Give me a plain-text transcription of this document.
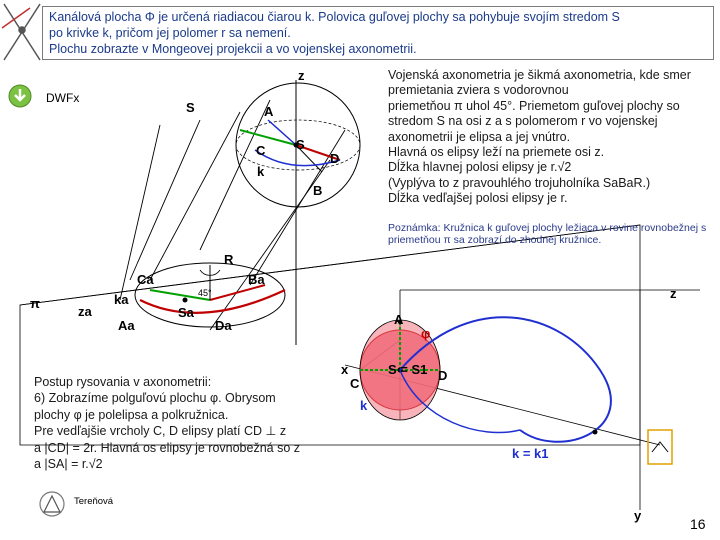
Kanálová plocha Φ je určená riadiacou čiarou k. Polovica guľovej plochy sa pohybuje svojím stredom S
po krivke k, pričom jej polomer r sa nemení.
Plochu zobrazte v Mongeovej projekcii a vo vojenskej axonometrii.
DWFx
z
S	A
C S
k
D
B
R
Ca	Ba
π
za
ka	45°
Aa
Sa
Da
z
A
φ
x
C
S = S1 D
k
k = k1
y
Vojenská axonometria je šikmá axonometria, kde smer premietania zviera s vodorovnou
priemetňou π uhol 45°. Priemetom guľovej plochy so stredom S na osi z a s polomerom r vo vojenskej axonometrii je elipsa a jej vnútro.
Hlavná os elipsy leží na priemete osi z.
Dĺžka hlavnej polosi elipsy je r.√2
(Vyplýva to z pravouhlého trojuholníka SaBaR.)
Dĺžka vedľajšej polosi elipsy je r.
Poznámka: Kružnica k guľovej plochy ležiaca v rovine rovnobežnej s priemetňou π sa zobrazí do zhodnej kružnice.
Postup rysovania v axonometrii:
6) Zobrazíme polguľovú plochu φ. Obrysom
plochy φ je polelipsa a polkružnica.
Pre vedľajšie vrcholy C, D elipsy platí CD ⊥ z
a |CD| = 2r. Hlavná os elipsy je rovnobežná so z
a |SA| = r.√2
Tereňová
16
